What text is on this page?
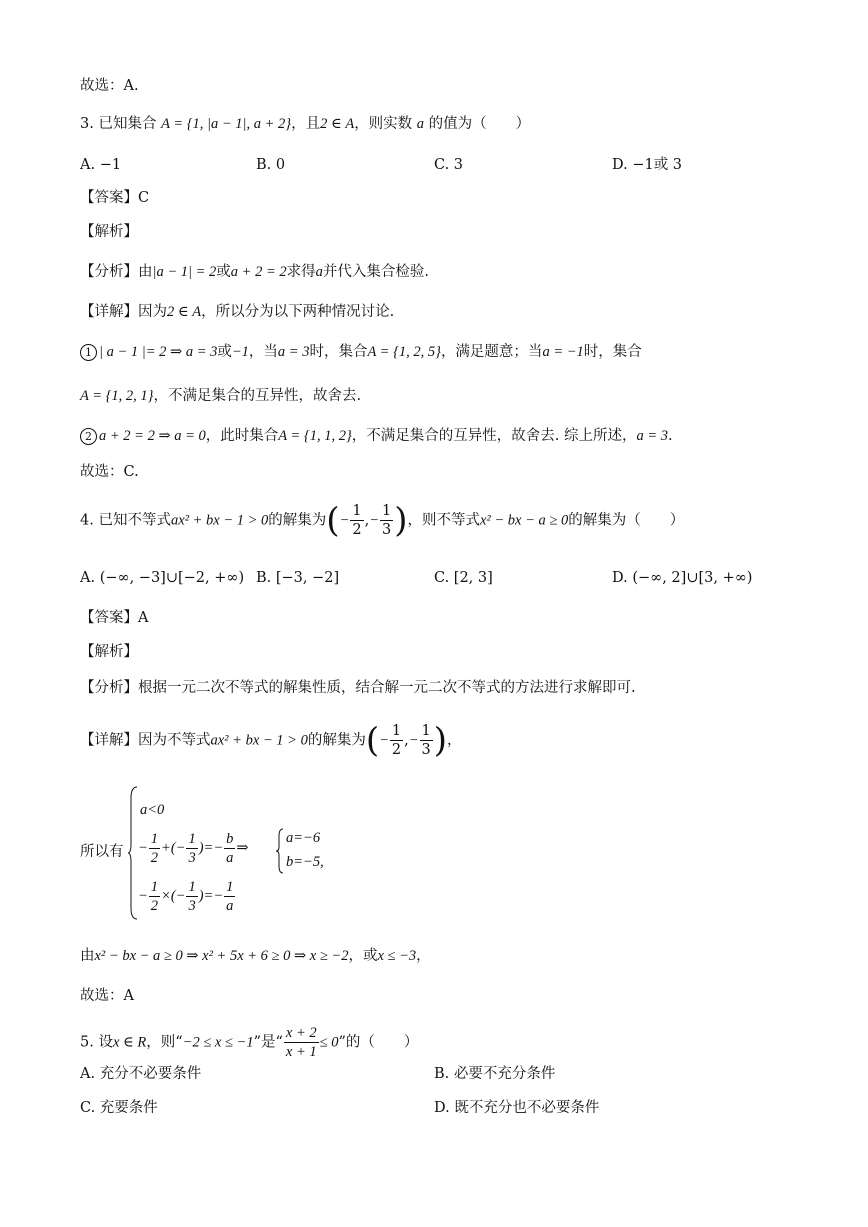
故选：A.
3. 已知集合 A = {1, |a − 1|, a + 2}，且2 ∈ A，则实数 a 的值为（　　）
A. −1	B. 0	C. 3	D. −1或 3
【答案】C
【解析】
【分析】由|a − 1| = 2或a + 2 = 2求得a并代入集合检验.
【详解】因为2 ∈ A，所以分为以下两种情况讨论.
1 | a − 1 |= 2 ⇒ a = 3或−1，当a = 3时，集合A = {1, 2, 5}，满足题意；当a = −1时，集合
A = {1, 2, 1}，不满足集合的互异性，故舍去.
2 a + 2 = 2 ⇒ a = 0，此时集合A = {1, 1, 2}，不满足集合的互异性，故舍去. 综上所述，a = 3.
故选：C.
4. 已知不等式ax² + bx − 1 > 0的解集为(− $\frac{1}{2}$ ,− $\frac{1}{3}$ )，则不等式x² − bx − a ≥ 0的解集为（　　）
A. (−∞, −3]∪[−2, +∞) B. [−3, −2]	C. [2, 3]	D. (−∞, 2]∪[3, +∞)
【答案】A
【解析】
【分析】根据一元二次不等式的解集性质，结合解一元二次不等式的方法进行求解即可.
【详解】因为不等式ax² + bx − 1 > 0的解集为(− $\frac{1}{2}$ ,− $\frac{1}{3}$ )，
所以有
a<0
− $\frac{1}{2}$ +(− $\frac{1}{3}$ )=− $\frac{b}{a}$ ⇒
a=−6
b=−5,
− $\frac{1}{2}$ ×(− $\frac{1}{3}$ )=− $\frac{1}{a}$
由x² − bx − a ≥ 0 ⇒ x² + 5x + 6 ≥ 0 ⇒ x ≥ −2，或x ≤ −3，
故选：A
5. 设x ∈ R，则“−2 ≤ x ≤ −1”是“ $\frac{x + 2}{x + 1} \le 0$”的（　　）
A. 充分不必要条件	B. 必要不充分条件
C. 充要条件	D. 既不充分也不必要条件
